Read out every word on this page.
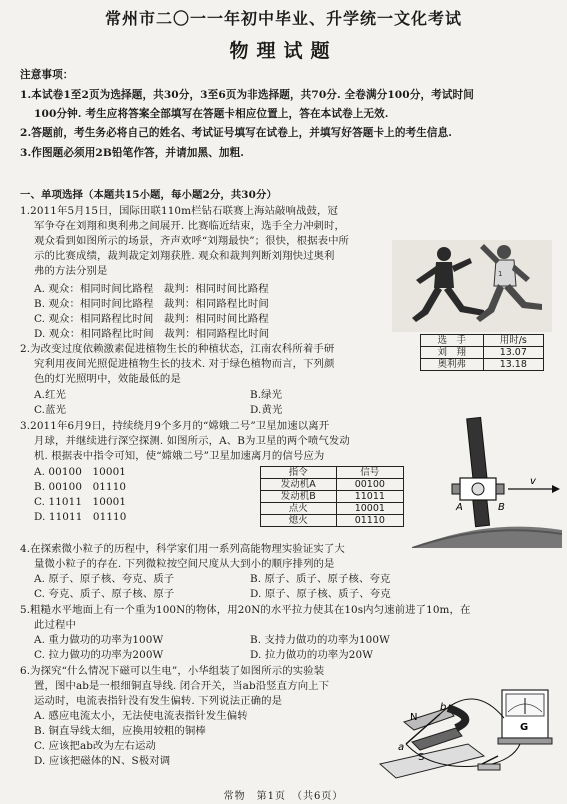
常州市二〇一一年初中毕业、升学统一文化考试
物理试题
注意事项：
1.本试卷1至2页为选择题，共30分，3至6页为非选择题，共70分. 全卷满分100分，考试时间
100分钟. 考生应将答案全部填写在答题卡相应位置上，答在本试卷上无效.
2.答题前，考生务必将自己的姓名、考试证号填写在试卷上，并填写好答题卡上的考生信息.
3.作图题必须用2B铅笔作答，并请加黑、加粗.
一、单项选择（本题共15小题，每小题2分，共30分）
1.2011年5月15日，国际田联110m栏钻石联赛上海站敲响战鼓，冠
军争夺在刘翔和奥利弗之间展开. 比赛临近结束，选手全力冲刺时，
观众看到如图所示的场景，齐声欢呼“刘翔最快”；很快，根据表中所
示的比赛成绩，裁判裁定刘翔获胜. 观众和裁判判断刘翔快过奥利
弗的方法分别是
A. 观众：相同时间比路程　裁判：相同时间比路程
B. 观众：相同时间比路程　裁判：相同路程比时间
C. 观众：相同路程比时间　裁判：相同时间比路程
D. 观众：相同路程比时间　裁判：相同路程比时间
1
选　手	用时/s
刘　翔	13.07
奥利弗	13.18
2.为改变过度依赖激素促进植物生长的种植状态，江南农科所着手研
究利用夜间光照促进植物生长的技术. 对于绿色植物而言，下列颜
色的灯光照明中，效能最低的是
A.红光	B.绿光
C.蓝光	D.黄光
3.2011年6月9日，持续绕月9个多月的“嫦娥二号”卫星加速以离开
月球，并继续进行深空探测. 如图所示，A、B为卫星的两个喷气发动
机. 根据表中指令可知，使“嫦娥二号”卫星加速离月的信号应为
A. 00100　10001
B. 00100　01110
C. 11011　10001
D. 11011　01110
指令	信号
发动机A	00100
发动机B	11011
点火	10001
熄火	01110
A	B
v
4.在探索微小粒子的历程中，科学家们用一系列高能物理实验证实了大
量微小粒子的存在. 下列微粒按空间尺度从大到小的顺序排列的是
A. 原子、原子核、夸克、质子	B. 原子、质子、原子核、夸克
C. 夸克、质子、原子核、原子	D. 原子、原子核、质子、夸克
5.粗糙水平地面上有一个重为100N的物体，用20N的水平拉力使其在10s内匀速前进了10m，在
此过程中
A. 重力做功的功率为100W	B. 支持力做功的功率为100W
C. 拉力做功的功率为200W	D. 拉力做功的功率为20W
6.为探究“什么情况下磁可以生电”，小华组装了如图所示的实验装
置，图中ab是一根细铜直导线. 闭合开关，当ab沿竖直方向上下
运动时，电流表指针没有发生偏转. 下列说法正确的是
A. 感应电流太小，无法使电流表指针发生偏转
B. 铜直导线太细，应换用较粗的铜棒
C. 应该把ab改为左右运动
D. 应该把磁体的N、S极对调
N
S
a
b
G
常物　第1页　（共6页）
